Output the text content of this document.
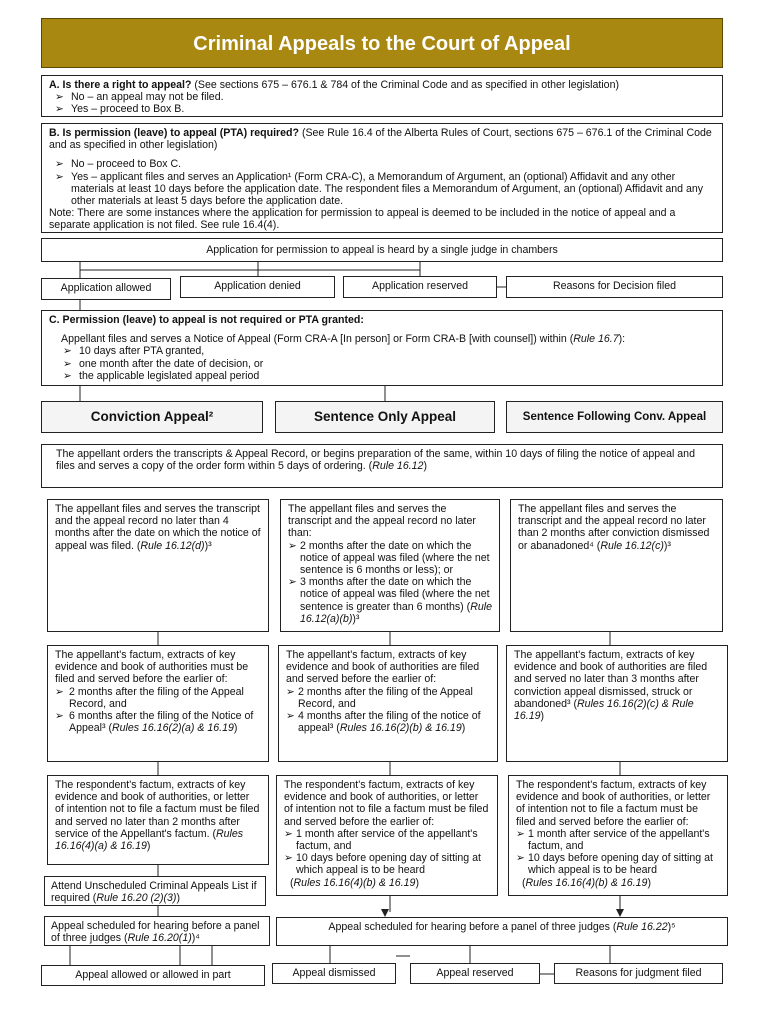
Criminal Appeals to the Court of Appeal
A. Is there a right to appeal? (See sections 675 – 676.1 & 784 of the Criminal Code and as specified in other legislation)
➢ No – an appeal may not be filed.
➢ Yes – proceed to Box B.
B. Is permission (leave) to appeal (PTA) required? (See Rule 16.4 of the Alberta Rules of Court, sections 675 – 676.1 of the Criminal Code and as specified in other legislation)
➢ No – proceed to Box C.
➢ Yes – applicant files and serves an Application¹ (Form CRA-C), a Memorandum of Argument, an (optional) Affidavit and any other materials at least 10 days before the application date. The respondent files a Memorandum of Argument, an (optional) Affidavit and any other materials at least 5 days before the application date.
Note: There are some instances where the application for permission to appeal is deemed to be included in the notice of appeal and a separate application is not filed. See rule 16.4(4).
Application for permission to appeal is heard by a single judge in chambers
Application allowed	Application denied	Application reserved	Reasons for Decision filed
C. Permission (leave) to appeal is not required or PTA granted:
Appellant files and serves a Notice of Appeal (Form CRA-A [In person] or Form CRA-B [with counsel]) within (Rule 16.7):
➢ 10 days after PTA granted,
➢ one month after the date of decision, or
➢ the applicable legislated appeal period
Conviction Appeal²	Sentence Only Appeal	Sentence Following Conv. Appeal
The appellant orders the transcripts & Appeal Record, or begins preparation of the same, within 10 days of filing the notice of appeal and files and serves a copy of the order form within 5 days of ordering. (Rule 16.12)
The appellant files and serves the transcript and the appeal record no later than 4 months after the date on which the notice of appeal was filed. (Rule 16.12(d))³
The appellant files and serves the transcript and the appeal record no later than:
➢ 2 months after the date on which the notice of appeal was filed (where the net sentence is 6 months or less); or
➢ 3 months after the date on which the notice of appeal was filed (where the net sentence is greater than 6 months) (Rule 16.12(a)(b))³
The appellant files and serves the transcript and the appeal record no later than 2 months after conviction dismissed or abanadoned⁴ (Rule 16.12(c))³
The appellant's factum, extracts of key evidence and book of authorities must be filed and served before the earlier of:
➢ 2 months after the filing of the Appeal Record, and
➢ 6 months after the filing of the Notice of Appeal³ (Rules 16.16(2)(a) & 16.19)
The appellant's factum, extracts of key evidence and book of authorities are filed and served before the earlier of:
➢ 2 months after the filing of the Appeal Record, and
➢ 4 months after the filing of the notice of appeal³ (Rules 16.16(2)(b) & 16.19)
The appellant's factum, extracts of key evidence and book of authorities are filed and served no later than 3 months after conviction appeal dismissed, struck or abandoned³ (Rules 16.16(2)(c) & Rule 16.19)
The respondent's factum, extracts of key evidence and book of authorities, or letter of intention not to file a factum must be filed and served no later than 2 months after service of the Appellant's factum. (Rules 16.16(4)(a) & 16.19)
The respondent's factum, extracts of key evidence and book of authorities, or letter of intention not to file a factum must be filed and served before the earlier of:
➢ 1 month after service of the appellant's factum, and
➢ 10 days before opening day of sitting at which appeal is to be heard
(Rules 16.16(4)(b) & 16.19)
The respondent's factum, extracts of key evidence and book of authorities, or letter of intention not to file a factum must be filed and served before the earlier of:
➢ 1 month after service of the appellant's factum, and
➢ 10 days before opening day of sitting at which appeal is to be heard
(Rules 16.16(4)(b) & 16.19)
Attend Unscheduled Criminal Appeals List if required (Rule 16.20 (2)(3))
Appeal scheduled for hearing before a panel of three judges (Rule 16.20(1))⁴
Appeal scheduled for hearing before a panel of three judges (Rule 16.22)⁵
Appeal allowed or allowed in part	Appeal dismissed	Appeal reserved	Reasons for judgment filed
